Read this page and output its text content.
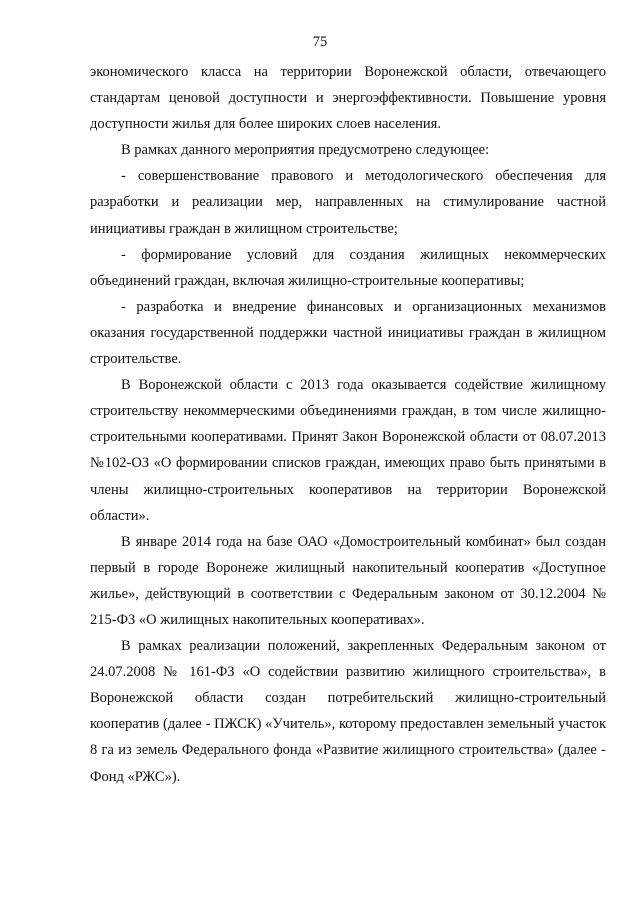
75

экономического класса на территории Воронежской области, отвечающего стандартам ценовой доступности и энергоэффективности. Повышение уровня доступности жилья для более широких слоев населения.

В рамках данного мероприятия предусмотрено следующее:

- совершенствование правового и методологического обеспечения для разработки и реализации мер, направленных на стимулирование частной инициативы граждан в жилищном строительстве;

- формирование условий для создания жилищных некоммерческих объединений граждан, включая жилищно-строительные кооперативы;

- разработка и внедрение финансовых и организационных механизмов оказания государственной поддержки частной инициативы граждан в жилищном строительстве.

В Воронежской области с 2013 года оказывается содействие жилищному строительству некоммерческими объединениями граждан, в том числе жилищно-строительными кооперативами. Принят Закон Воронежской области от 08.07.2013 №102-ОЗ «О формировании списков граждан, имеющих право быть принятыми в члены жилищно-строительных кооперативов на территории Воронежской области».

В январе 2014 года на базе ОАО «Домостроительный комбинат» был создан первый в городе Воронеже жилищный накопительный кооператив «Доступное жилье», действующий в соответствии с Федеральным законом от 30.12.2004 № 215-ФЗ «О жилищных накопительных кооперативах».

В рамках реализации положений, закрепленных Федеральным законом от 24.07.2008 № 161-ФЗ «О содействии развитию жилищного строительства», в Воронежской области создан потребительский жилищно-строительный кооператив (далее - ПЖСК) «Учитель», которому предоставлен земельный участок 8 га из земель Федерального фонда «Развитие жилищного строительства» (далее - Фонд «РЖС»).
